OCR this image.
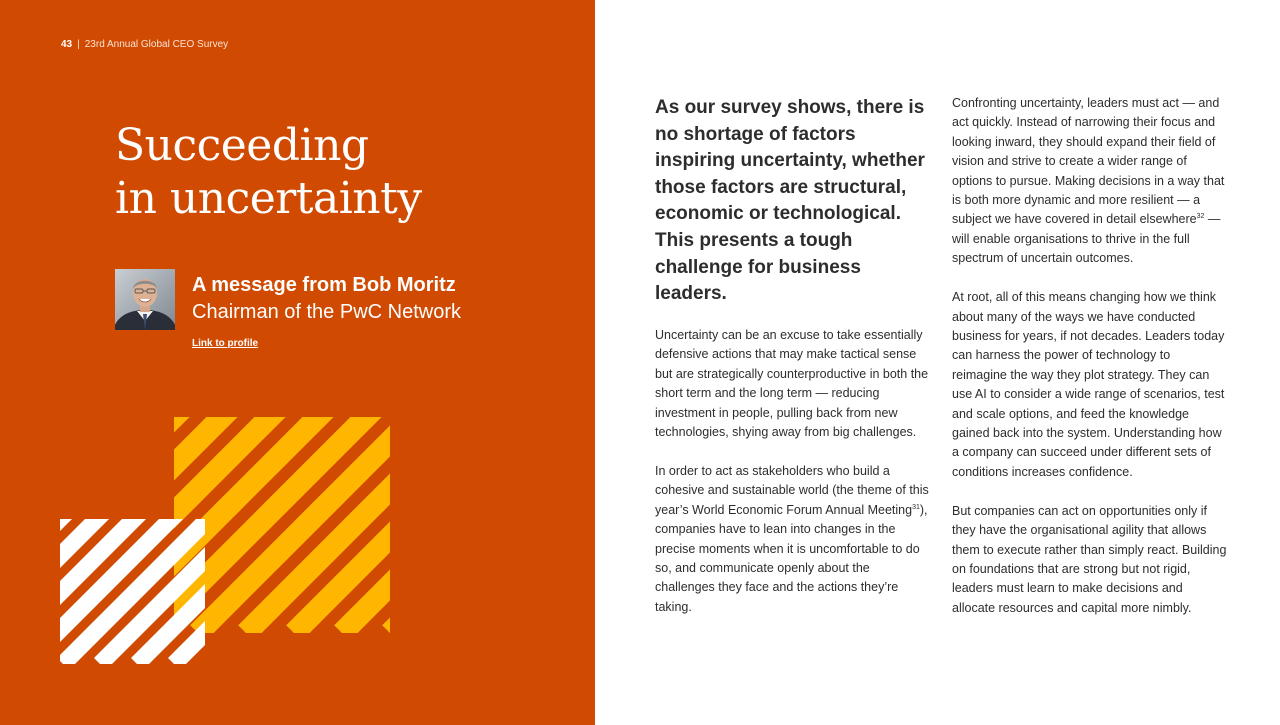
43 | 23rd Annual Global CEO Survey
Succeeding
in uncertainty

A message from Bob Moritz

Chairman of the PwC Network

Link to profile

As our survey shows, there is no shortage of factors inspiring uncertainty, whether those factors are structural, economic or technological. This presents a tough challenge for business leaders.

Uncertainty can be an excuse to take essentially defensive actions that may make tactical sense but are strategically counterproductive in both the short term and the long term — reducing investment in people, pulling back from new technologies, shying away from big challenges.

In order to act as stakeholders who build a cohesive and sustainable world (the theme of this year’s World Economic Forum Annual Meeting$^{31}$), companies have to lean into changes in the precise moments when it is uncomfortable to do so, and communicate openly about the challenges they face and the actions they’re taking.

Confronting uncertainty, leaders must act — and act quickly. Instead of narrowing their focus and looking inward, they should expand their field of vision and strive to create a wider range of options to pursue. Making decisions in a way that is both more dynamic and more resilient — a subject we have covered in detail elsewhere$^{32}$ — will enable organisations to thrive in the full spectrum of uncertain outcomes.

At root, all of this means changing how we think about many of the ways we have conducted business for years, if not decades. Leaders today can harness the power of technology to reimagine the way they plot strategy. They can use AI to consider a wide range of scenarios, test and scale options, and feed the knowledge gained back into the system. Understanding how a company can succeed under different sets of conditions increases confidence.

But companies can act on opportunities only if they have the organisational agility that allows them to execute rather than simply react. Building on foundations that are strong but not rigid, leaders must learn to make decisions and allocate resources and capital more nimbly.
